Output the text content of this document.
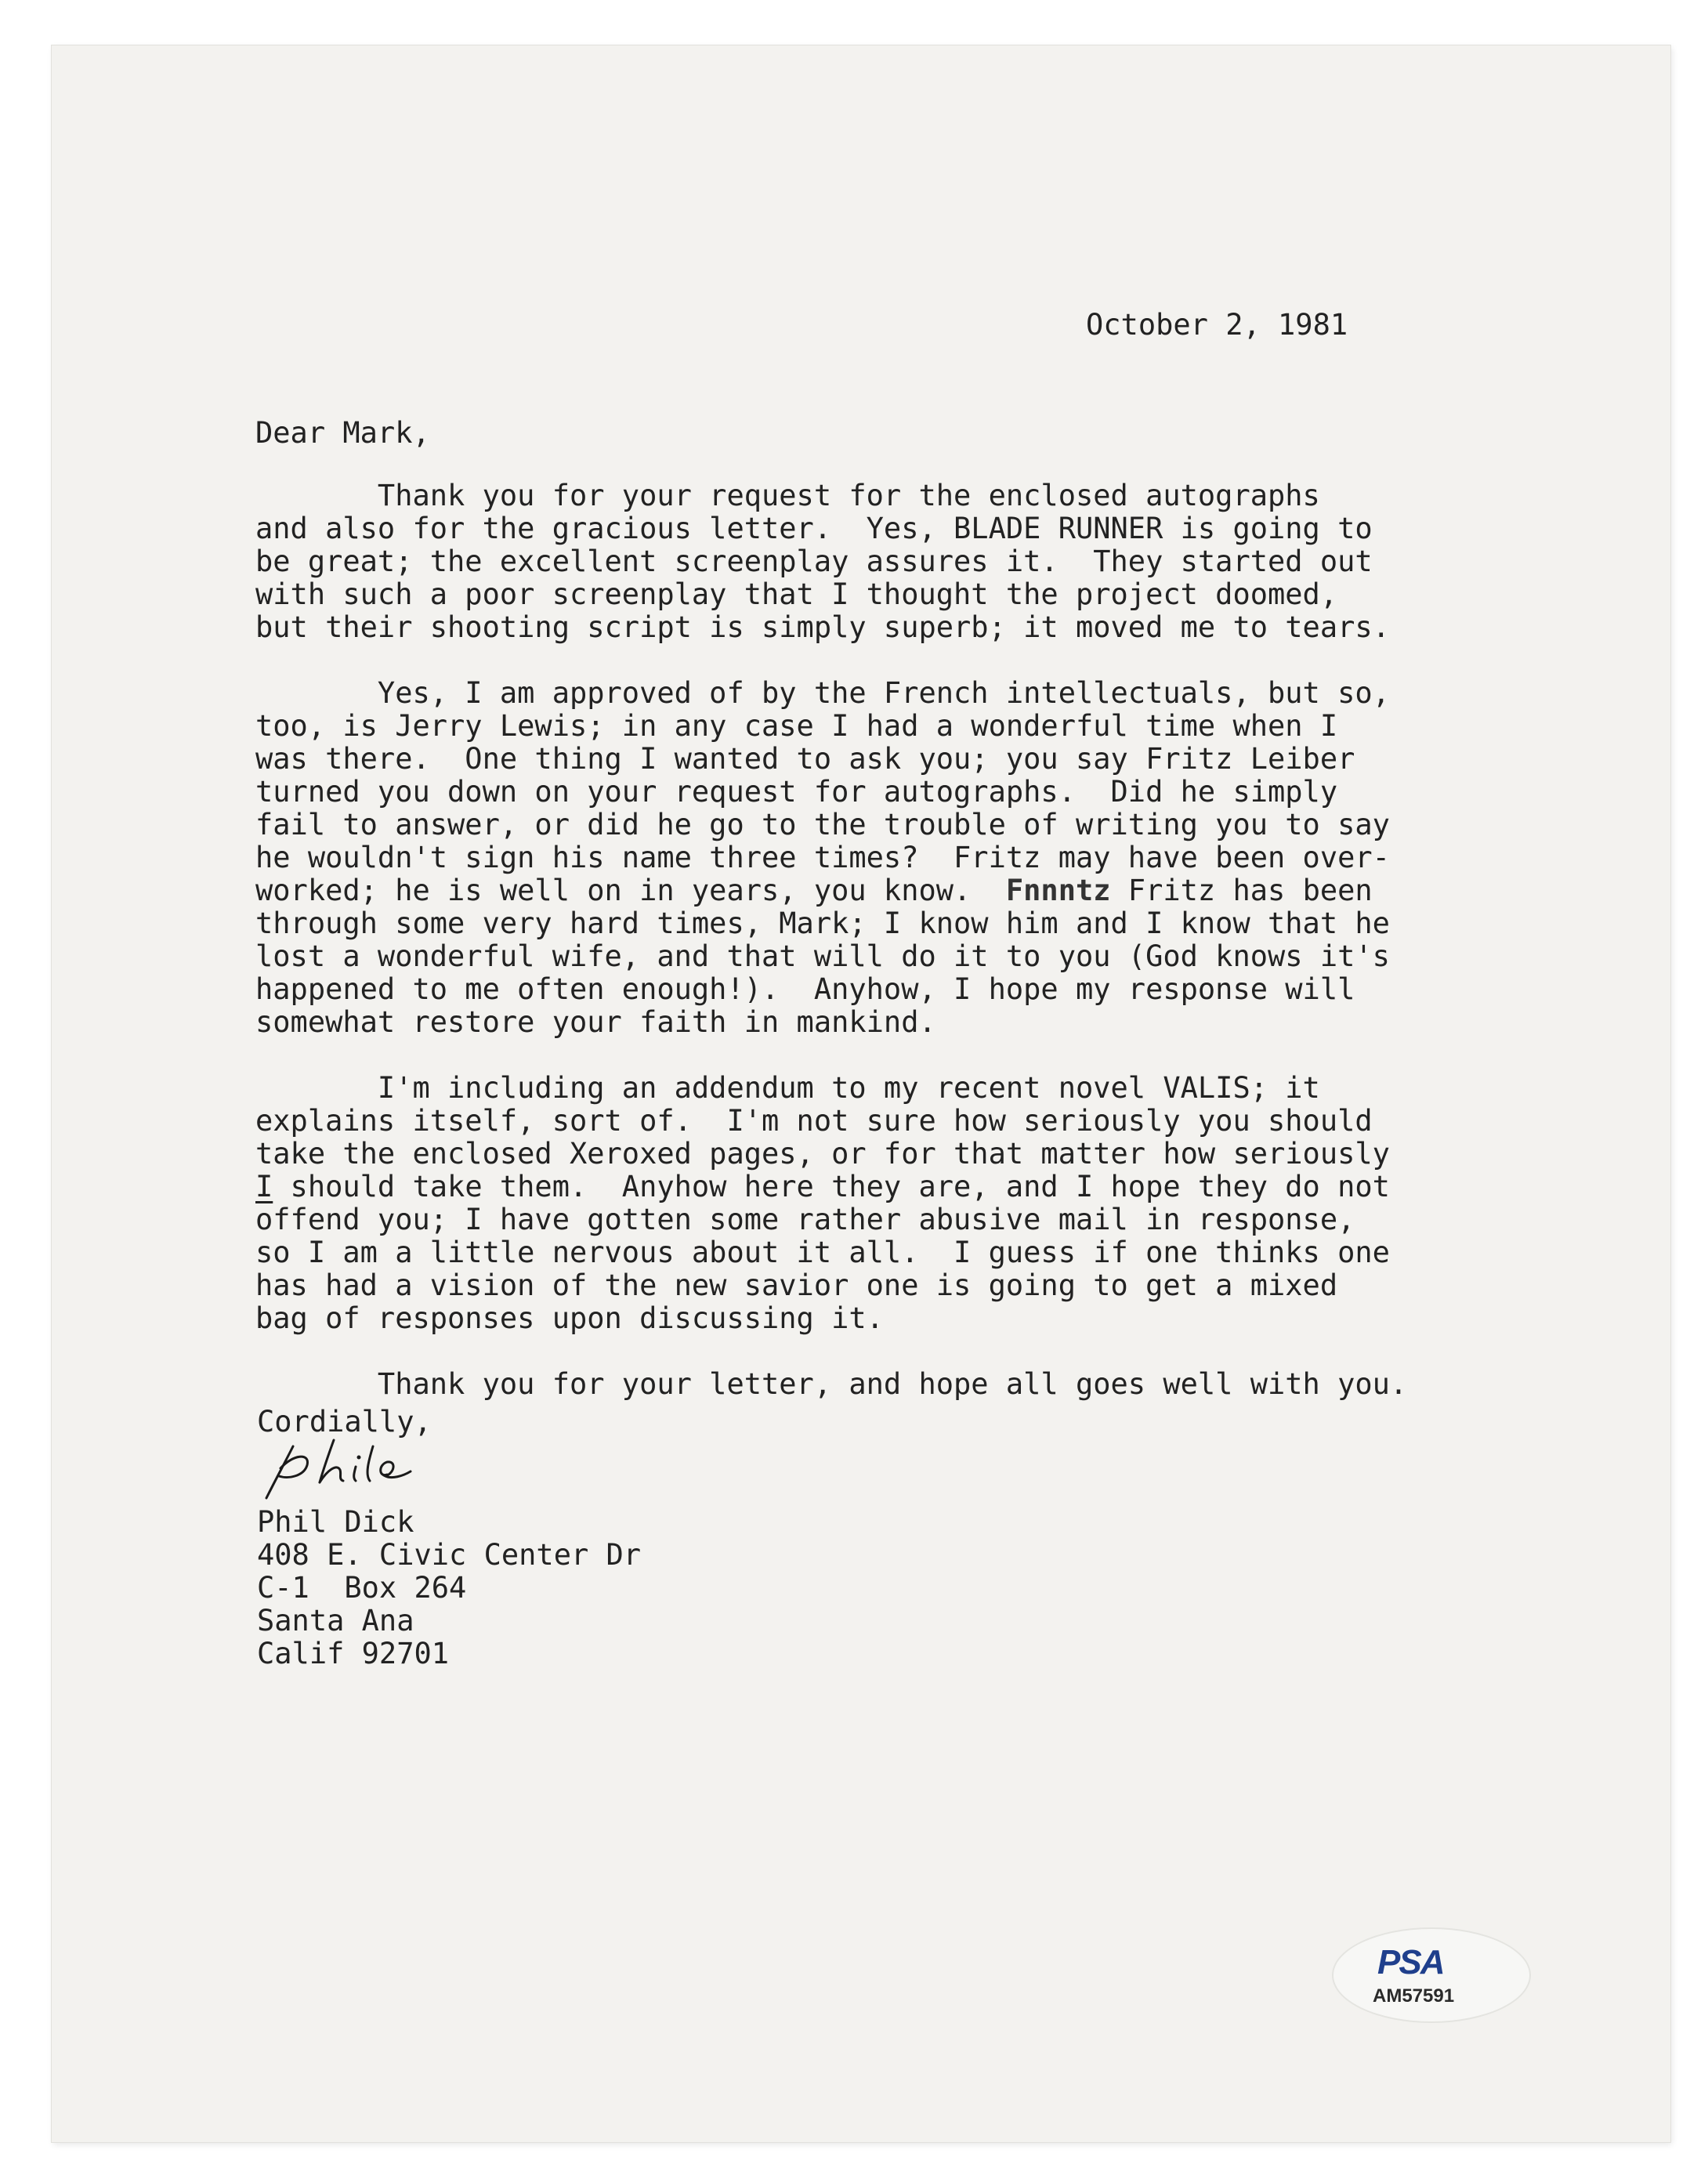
October 2, 1981
Dear Mark,
Thank you for your request for the enclosed autographs
and also for the gracious letter.  Yes, BLADE RUNNER is going to
be great; the excellent screenplay assures it.  They started out
with such a poor screenplay that I thought the project doomed,
but their shooting script is simply superb; it moved me to tears.
Yes, I am approved of by the French intellectuals, but so,
too, is Jerry Lewis; in any case I had a wonderful time when I
was there.  One thing I wanted to ask you; you say Fritz Leiber
turned you down on your request for autographs.  Did he simply
fail to answer, or did he go to the trouble of writing you to say
he wouldn't sign his name three times?  Fritz may have been over-
worked; he is well on in years, you know. Fnnntz Fritz has been
through some very hard times, Mark; I know him and I know that he
lost a wonderful wife, and that will do it to you (God knows it's
happened to me often enough!).  Anyhow, I hope my response will
somewhat restore your faith in mankind.
I'm including an addendum to my recent novel VALIS; it
explains itself, sort of.  I'm not sure how seriously you should
take the enclosed Xeroxed pages, or for that matter how seriously
I should take them.  Anyhow here they are, and I hope they do not
offend you; I have gotten some rather abusive mail in response,
so I am a little nervous about it all.  I guess if one thinks one
has had a vision of the new savior one is going to get a mixed
bag of responses upon discussing it.
Thank you for your letter, and hope all goes well with you.
Cordially,
Phil Dick
408 E. Civic Center Dr
C-1  Box 264
Santa Ana
Calif 92701
PSA
AM57591
